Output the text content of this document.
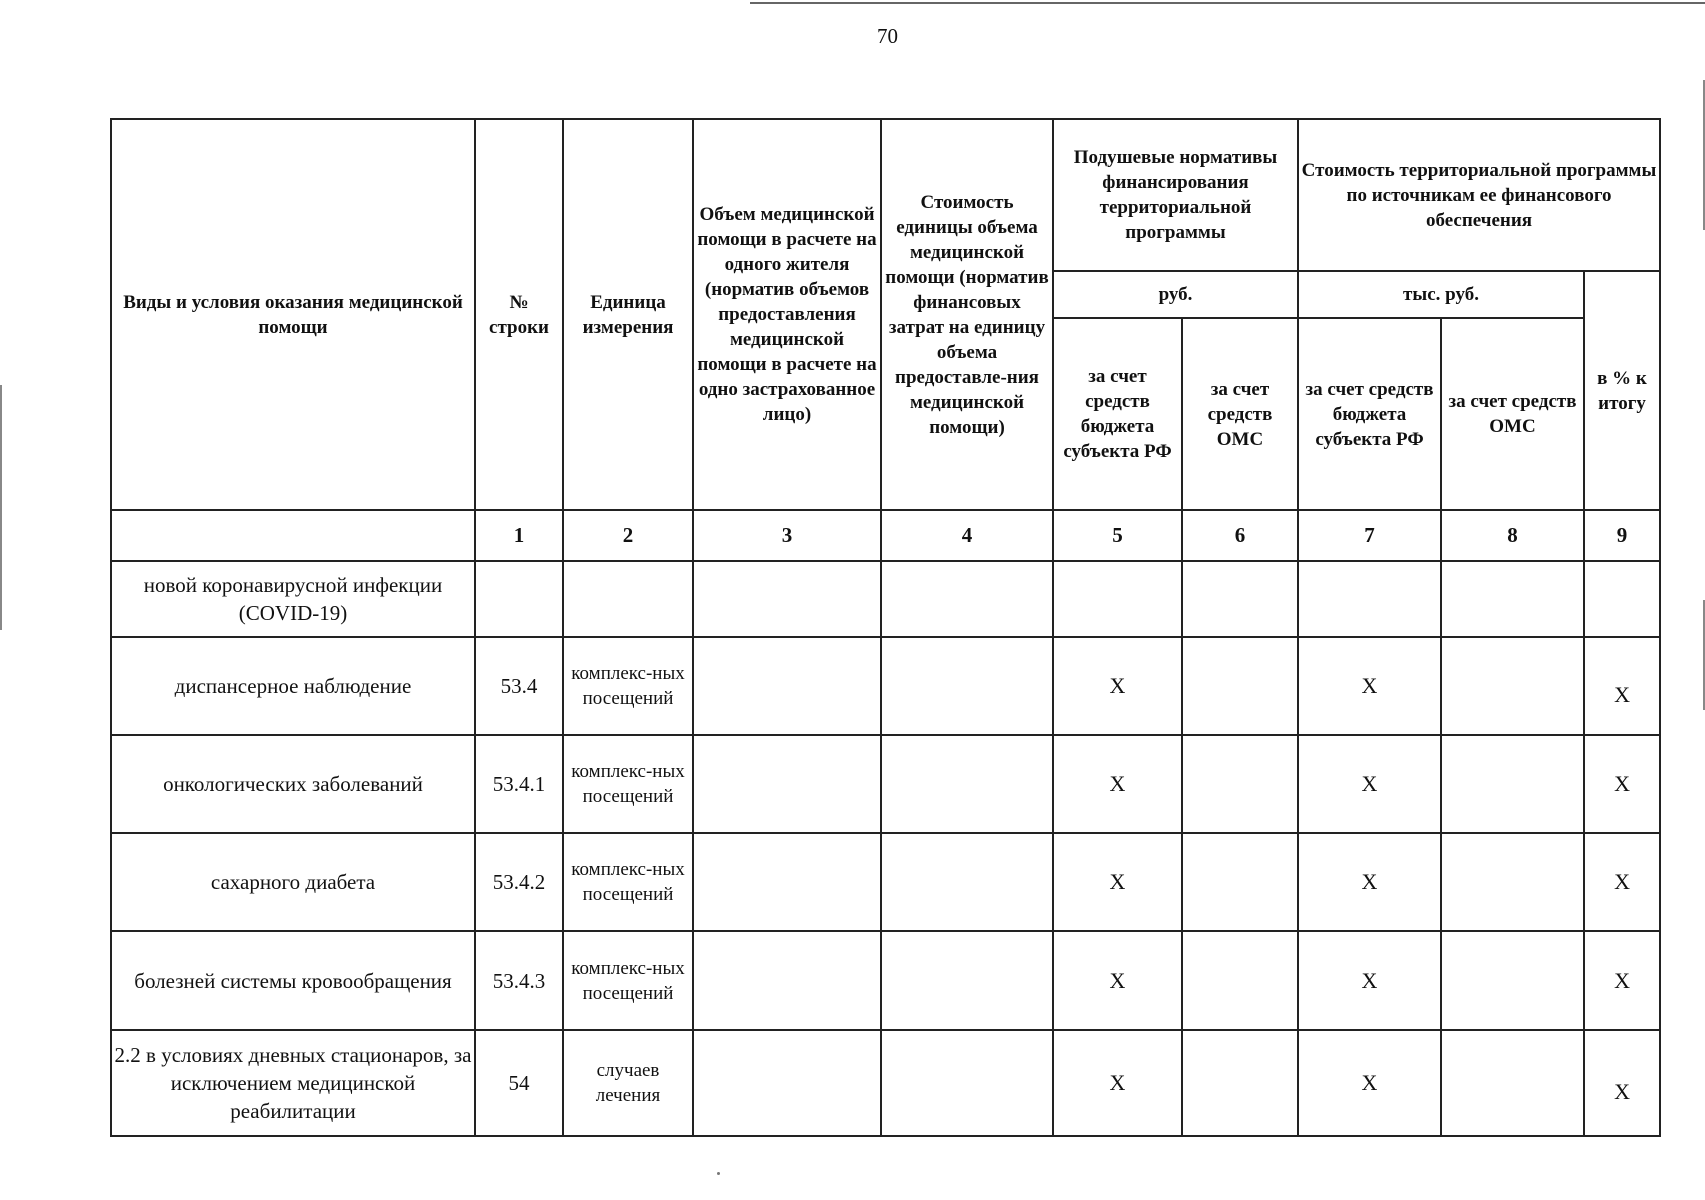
70
Виды и условия оказания медицинской помощи	№ строки	Единица измерения	Объем медицинской помощи в расчете на одного жителя (норматив объемов предоставления медицинской помощи в расчете на одно застрахованное лицо)	Стоимость единицы объема медицинской помощи (норматив финансовых затрат на единицу объема предоставле-ния медицинской помощи)	Подушевые нормативы финансирования территориальной программы		Стоимость территориальной программы по источникам ее финансового обеспечения		
					руб.		тыс. руб.		в % к итогу
					за счет средств бюджета субъекта РФ	за счет средств ОМС	за счет средств бюджета субъекта РФ	за счет средств ОМС	
	1	2	3	4	5	6	7	8	9
новой коронавирусной инфекции (COVID-19)									
диспансерное наблюдение	53.4	комплекс-ных посещений			X		X		X
онкологических заболеваний	53.4.1	комплекс-ных посещений			X		X		X
сахарного диабета	53.4.2	комплекс-ных посещений			X		X		X
болезней системы кровообращения	53.4.3	комплекс-ных посещений			X		X		X
2.2 в условиях дневных стационаров, за исключением медицинской реабилитации	54	случаев лечения			X		X		X
